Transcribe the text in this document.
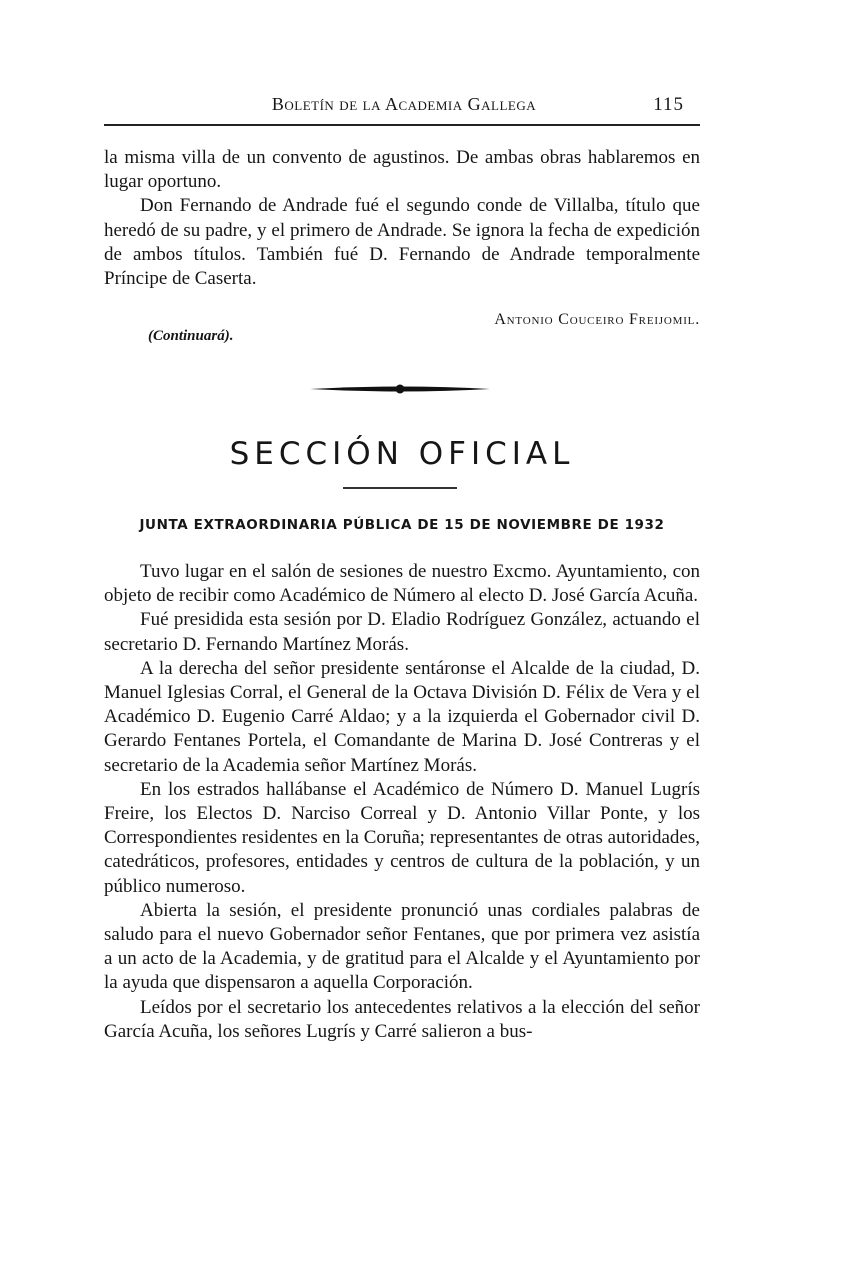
Boletín de la Academia Gallega	115

la misma villa de un convento de agustinos. De ambas obras hablaremos en lugar oportuno.

Don Fernando de Andrade fué el segundo conde de Villalba, título que heredó de su padre, y el primero de Andrade. Se ignora la fecha de expedición de ambos títulos. También fué D. Fernando de Andrade temporalmente Príncipe de Caserta.

Antonio Couceiro Freijomil.
(Continuará).
SECCIÓN OFICIAL
JUNTA EXTRAORDINARIA PÚBLICA DE 15 DE NOVIEMBRE DE 1932

Tuvo lugar en el salón de sesiones de nuestro Excmo. Ayuntamiento, con objeto de recibir como Académico de Número al electo D. José García Acuña.

Fué presidida esta sesión por D. Eladio Rodríguez González, actuando el secretario D. Fernando Martínez Morás.

A la derecha del señor presidente sentáronse el Alcalde de la ciudad, D. Manuel Iglesias Corral, el General de la Octava División D. Félix de Vera y el Académico D. Eugenio Carré Aldao; y a la izquierda el Gobernador civil D. Gerardo Fentanes Portela, el Comandante de Marina D. José Contreras y el secretario de la Academia señor Martínez Morás.

En los estrados hallábanse el Académico de Número D. Manuel Lugrís Freire, los Electos D. Narciso Correal y D. Antonio Villar Ponte, y los Correspondientes residentes en la Coruña; representantes de otras autoridades, catedráticos, profesores, entidades y centros de cultura de la población, y un público numeroso.

Abierta la sesión, el presidente pronunció unas cordiales palabras de saludo para el nuevo Gobernador señor Fentanes, que por primera vez asistía a un acto de la Academia, y de gratitud para el Alcalde y el Ayuntamiento por la ayuda que dispensaron a aquella Corporación.

Leídos por el secretario los antecedentes relativos a la elección del señor García Acuña, los señores Lugrís y Carré salieron a bus-
